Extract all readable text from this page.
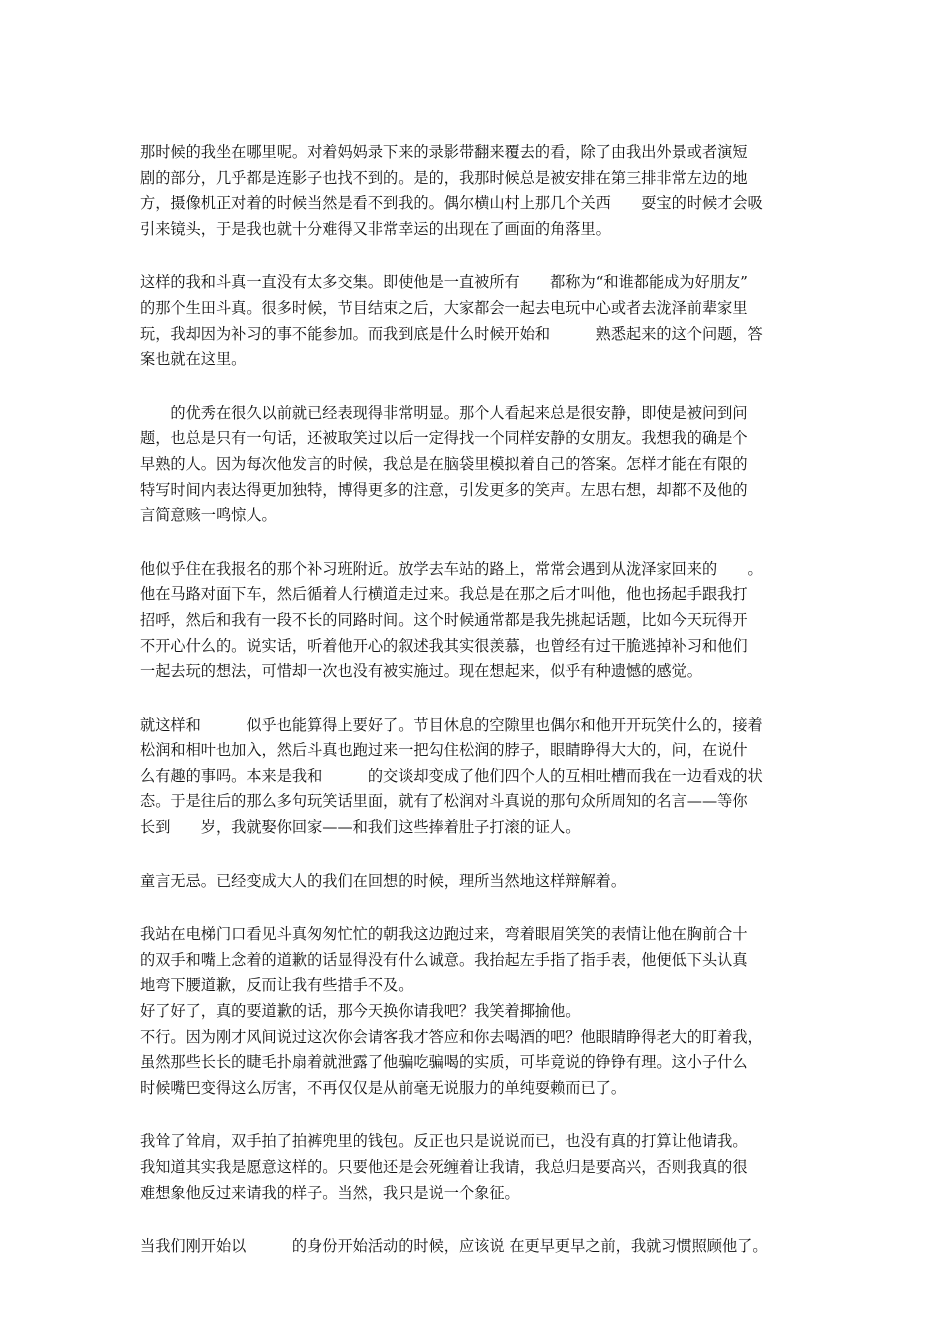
那时候的我坐在哪里呢。对着妈妈录下来的录影带翻来覆去的看，除了由我出外景或者演短
剧的部分，几乎都是连影子也找不到的。是的，我那时候总是被安排在第三排非常左边的地
方，摄像机正对着的时候当然是看不到我的。偶尔横山村上那几个关西　　耍宝的时候才会吸
引来镜头，于是我也就十分难得又非常幸运的出现在了画面的角落里。

这样的我和斗真一直没有太多交集。即使他是一直被所有　　都称为“和谁都能成为好朋友”
的那个生田斗真。很多时候，节目结束之后，大家都会一起去电玩中心或者去泷泽前辈家里
玩，我却因为补习的事不能参加。而我到底是什么时候开始和　　　熟悉起来的这个问题，答
案也就在这里。

　　的优秀在很久以前就已经表现得非常明显。那个人看起来总是很安静，即使是被问到问
题，也总是只有一句话，还被取笑过以后一定得找一个同样安静的女朋友。我想我的确是个
早熟的人。因为每次他发言的时候，我总是在脑袋里模拟着自己的答案。怎样才能在有限的
特写时间内表达得更加独特，博得更多的注意，引发更多的笑声。左思右想，却都不及他的
言简意赅一鸣惊人。

他似乎住在我报名的那个补习班附近。放学去车站的路上，常常会遇到从泷泽家回来的　　。
他在马路对面下车，然后循着人行横道走过来。我总是在那之后才叫他，他也扬起手跟我打
招呼，然后和我有一段不长的同路时间。这个时候通常都是我先挑起话题，比如今天玩得开
不开心什么的。说实话，听着他开心的叙述我其实很羡慕，也曾经有过干脆逃掉补习和他们
一起去玩的想法，可惜却一次也没有被实施过。现在想起来，似乎有种遗憾的感觉。

就这样和　　　似乎也能算得上要好了。节目休息的空隙里也偶尔和他开开玩笑什么的，接着
松润和相叶也加入，然后斗真也跑过来一把勾住松润的脖子，眼睛睁得大大的，问，在说什
么有趣的事吗。本来是我和　　　的交谈却变成了他们四个人的互相吐槽而我在一边看戏的状
态。于是往后的那么多句玩笑话里面，就有了松润对斗真说的那句众所周知的名言——等你
长到　　岁，我就娶你回家——和我们这些捧着肚子打滚的证人。

童言无忌。已经变成大人的我们在回想的时候，理所当然地这样辩解着。

我站在电梯门口看见斗真匆匆忙忙的朝我这边跑过来，弯着眼眉笑笑的表情让他在胸前合十
的双手和嘴上念着的道歉的话显得没有什么诚意。我抬起左手指了指手表，他便低下头认真
地弯下腰道歉，反而让我有些措手不及。

好了好了，真的要道歉的话，那今天换你请我吧？我笑着揶揄他。

不行。因为刚才风间说过这次你会请客我才答应和你去喝酒的吧？他眼睛睁得老大的盯着我，
虽然那些长长的睫毛扑扇着就泄露了他骗吃骗喝的实质，可毕竟说的铮铮有理。这小子什么
时候嘴巴变得这么厉害，不再仅仅是从前毫无说服力的单纯耍赖而已了。

我耸了耸肩，双手拍了拍裤兜里的钱包。反正也只是说说而已，也没有真的打算让他请我。
我知道其实我是愿意这样的。只要他还是会死缠着让我请，我总归是要高兴，否则我真的很
难想象他反过来请我的样子。当然，我只是说一个象征。

当我们刚开始以　　　的身份开始活动的时候，应该说 在更早更早之前，我就习惯照顾他了。
